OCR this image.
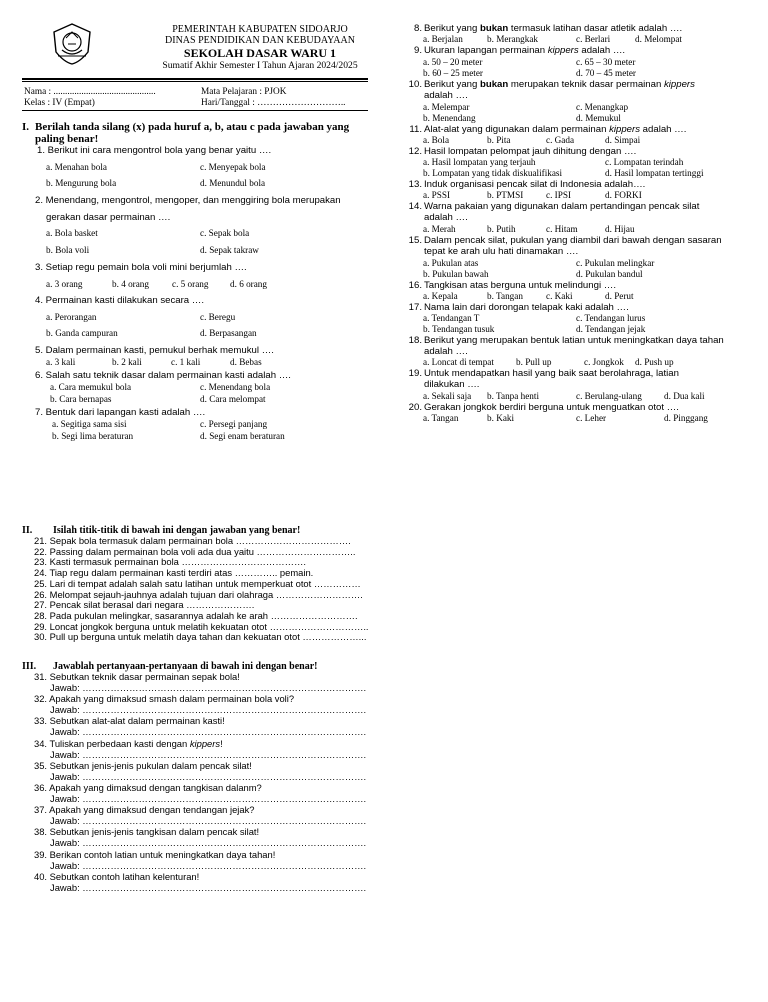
PEMERINTAH KABUPATEN SIDOARJO
DINAS PENDIDIKAN DAN KEBUDAYAAN
SEKOLAH DASAR WARU 1
Sumatif Akhir Semester I Tahun Ajaran 2024/2025
Nama : ............................................
Kelas : IV (Empat)
Mata Pelajaran : PJOK
Hari/Tanggal : ………………………..
I. Berilah tanda silang (x) pada huruf a, b, atau c pada jawaban yang
paling benar!
1. Berikut ini cara mengontrol bola yang benar yaitu ….
a. Menahan bola	c. Menyepak bola
b. Mengurung bola	d. Menundul bola
2. Menendang, mengontrol, mengoper, dan menggiring bola merupakan
gerakan dasar permainan ….
a. Bola basket	c. Sepak bola
b. Bola voli	d. Sepak takraw
3. Setiap regu pemain bola voli mini berjumlah ….
a. 3 orang	b. 4 orang	c. 5 orang d. 6 orang
4. Permainan kasti dilakukan secara ….
a. Perorangan	c. Beregu
b. Ganda campuran	d. Berpasangan
5. Dalam permainan kasti, pemukul berhak memukul ….
a. 3 kali	b. 2 kali	c. 1 kali	d. Bebas
6. Salah satu teknik dasar dalam permainan kasti adalah ….
a. Cara memukul bola	c. Menendang bola
b. Cara bernapas	d. Cara melompat
7. Bentuk dari lapangan kasti adalah ….
a. Segitiga sama sisi	c. Persegi panjang
b. Segi lima beraturan	d. Segi enam beraturan
8. Berikut yang bukan termasuk latihan dasar atletik adalah ….
a. Berjalan	b. Merangkak	c. Berlari	d. Melompat
9. Ukuran lapangan permainan kippers adalah ….
a. 50 – 20 meter	c. 65 – 30 meter
b. 60 – 25 meter	d. 70 – 45 meter
10. Berikut yang bukan merupakan teknik dasar permainan kippers
adalah ….
a. Melempar	c. Menangkap
b. Menendang	d. Memukul
11. Alat-alat yang digunakan dalam permainan kippers adalah ….
a. Bola	b. Pita	c. Gada	d. Simpai
12. Hasil lompatan pelompat jauh dihitung dengan ….
a. Hasil lompatan yang terjauh	c. Lompatan terindah
b. Lompatan yang tidak diskualifikasi	d. Hasil lompatan tertinggi
13. Induk organisasi pencak silat di Indonesia adalah….
a. PSSI	b. PTMSI c. IPSI	d. FORKI
14. Warna pakaian yang digunakan dalam pertandingan pencak silat
adalah ….
a. Merah	b. Putih	c. Hitam	d. Hijau
15. Dalam pencak silat, pukulan yang diambil dari bawah dengan sasaran
tepat ke arah ulu hati dinamakan ….
a. Pukulan atas	c. Pukulan melingkar
b. Pukulan bawah	d. Pukulan bandul
16. Tangkisan atas berguna untuk melindungi ….
a. Kepala	b. Tangan	c. Kaki	d. Perut
17. Nama lain dari dorongan telapak kaki adalah ….
a. Tendangan T	c. Tendangan lurus
b. Tendangan tusuk	d. Tendangan jejak
18. Berikut yang merupakan bentuk latian untuk meningkatkan daya tahan
adalah ….
a. Loncat di tempat b. Pull up	c. Jongkok d. Push up
19. Untuk mendapatkan hasil yang baik saat berolahraga, latian
dilakukan ….
a. Sekali saja b. Tanpa henti	c. Berulang-ulang d. Dua kali
20. Gerakan jongkok berdiri berguna untuk menguatkan otot ….
a. Tangan	b. Kaki	c. Leher	d. Pinggang
II. Isilah titik-titik di bawah ini dengan jawaban yang benar!
21. Sepak bola termasuk dalam permainan bola ……………………………….
22. Passing dalam permainan bola voli ada dua yaitu …………………………..
23. Kasti termasuk permainan bola ………………………………….
24. Tiap regu dalam permainan kasti terdiri atas ………….. pemain.
25. Lari di tempat adalah salah satu latihan untuk memperkuat otot ……………
26. Melompat sejauh-jauhnya adalah tujuan dari olahraga ……………………….
27. Pencak silat berasal dari negara ………………….
28. Pada pukulan melingkar, sasarannya adalah ke arah ……………………….
29. Loncat jongkok berguna untuk melatih kekuatan otot …………………………..
30. Pull up berguna untuk melatih daya tahan dan kekuatan otot ………………...
III. Jawablah pertanyaan-pertanyaan di bawah ini dengan benar!
31. Sebutkan teknik dasar permainan sepak bola!
Jawab: ……………………………………………………………………………….
32. Apakah yang dimaksud smash dalam permainan bola voli?
Jawab: ……………………………………………………………………………….
33. Sebutkan alat-alat dalam permainan kasti!
Jawab: ……………………………………………………………………………….
34. Tuliskan perbedaan kasti dengan kippers!
Jawab: ……………………………………………………………………………….
35. Sebutkan jenis-jenis pukulan dalam pencak silat!
Jawab: ……………………………………………………………………………….
36. Apakah yang dimaksud dengan tangkisan dalanm?
Jawab: ……………………………………………………………………………….
37. Apakah yang dimaksud dengan tendangan jejak?
Jawab: ……………………………………………………………………………….
38. Sebutkan jenis-jenis tangkisan dalam pencak silat!
Jawab: ……………………………………………………………………………….
39. Berikan contoh latian untuk meningkatkan daya tahan!
Jawab: ……………………………………………………………………………….
40. Sebutkan contoh latihan kelenturan!
Jawab: ……………………………………………………………………………….
